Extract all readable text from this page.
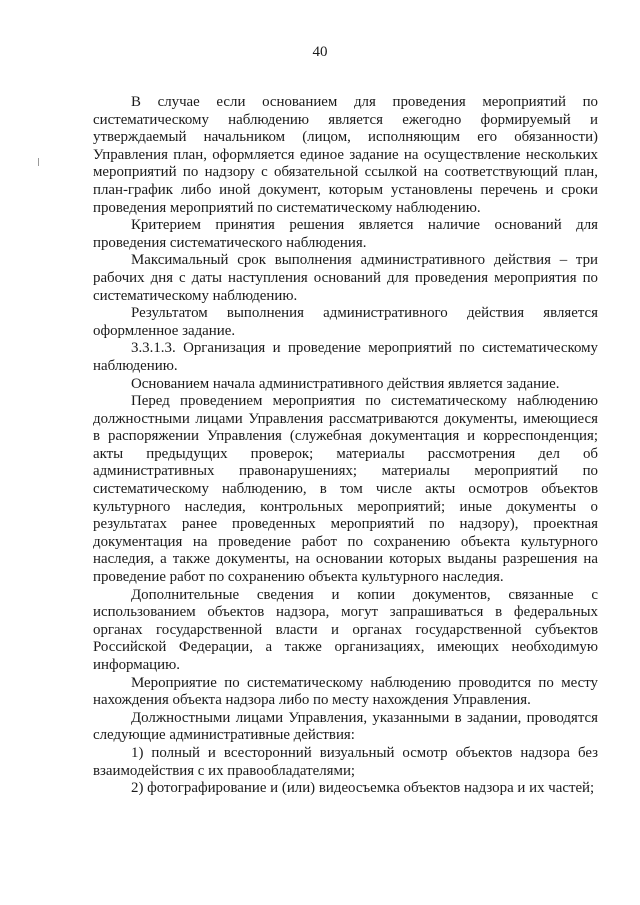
40

В случае если основанием для проведения мероприятий по систематическому наблюдению является ежегодно формируемый и утверждаемый начальником (лицом, исполняющим его обязанности) Управления план, оформляется единое задание на осуществление нескольких мероприятий по надзору с обязательной ссылкой на соответствующий план, план-график либо иной документ, которым установлены перечень и сроки проведения мероприятий по систематическому наблюдению.

Критерием принятия решения является наличие оснований для проведения систематического наблюдения.

Максимальный срок выполнения административного действия – три рабочих дня с даты наступления оснований для проведения мероприятия по систематическому наблюдению.

Результатом выполнения административного действия является оформленное задание.

3.3.1.3. Организация и проведение мероприятий по систематическому наблюдению.

Основанием начала административного действия является задание.

Перед проведением мероприятия по систематическому наблюдению должностными лицами Управления рассматриваются документы, имеющиеся в распоряжении Управления (служебная документация и корреспонденция; акты предыдущих проверок; материалы рассмотрения дел об административных правонарушениях; материалы мероприятий по систематическому наблюдению, в том числе акты осмотров объектов культурного наследия, контрольных мероприятий; иные документы о результатах ранее проведенных мероприятий по надзору), проектная документация на проведение работ по сохранению объекта культурного наследия, а также документы, на основании которых выданы разрешения на проведение работ по сохранению объекта культурного наследия.

Дополнительные сведения и копии документов, связанные с использованием объектов надзора, могут запрашиваться в федеральных органах государственной власти и органах государственной субъектов Российской Федерации, а также организациях, имеющих необходимую информацию.

Мероприятие по систематическому наблюдению проводится по месту нахождения объекта надзора либо по месту нахождения Управления.

Должностными лицами Управления, указанными в задании, проводятся следующие административные действия:

1) полный и всесторонний визуальный осмотр объектов надзора без взаимодействия с их правообладателями;

2) фотографирование и (или) видеосъемка объектов надзора и их частей;
